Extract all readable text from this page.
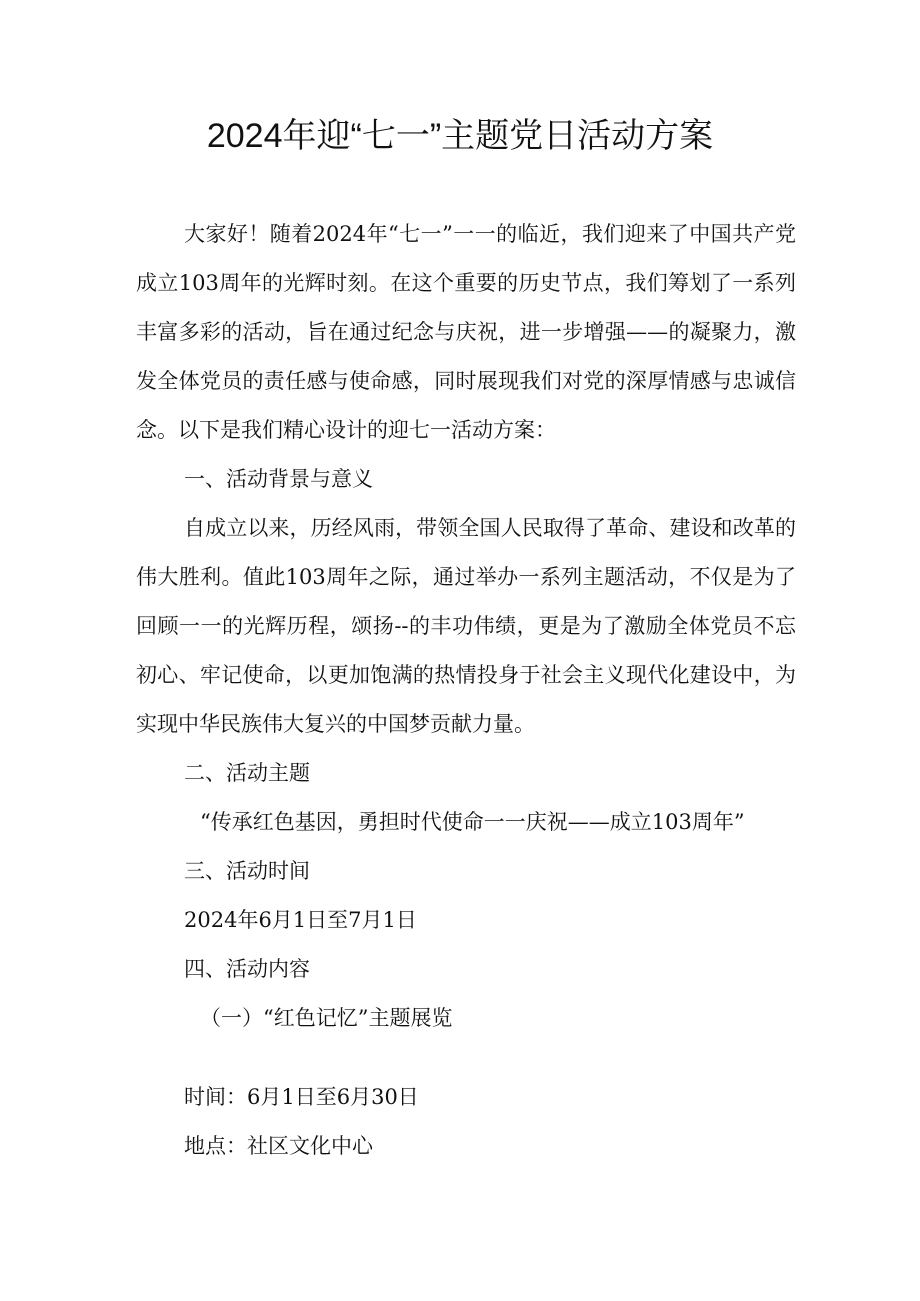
2024年迎“七一”主题党日活动方案

大家好！随着2024年“七一”一一的临近，我们迎来了中国共产党成立103周年的光辉时刻。在这个重要的历史节点，我们筹划了一系列丰富多彩的活动，旨在通过纪念与庆祝，进一步增强——的凝聚力，激发全体党员的责任感与使命感，同时展现我们对党的深厚情感与忠诚信念。以下是我们精心设计的迎七一活动方案：

一、活动背景与意义

自成立以来，历经风雨，带领全国人民取得了革命、建设和改革的伟大胜利。值此103周年之际，通过举办一系列主题活动，不仅是为了回顾一一的光辉历程，颂扬--的丰功伟绩，更是为了激励全体党员不忘初心、牢记使命，以更加饱满的热情投身于社会主义现代化建设中，为实现中华民族伟大复兴的中国梦贡献力量。

二、活动主题

“传承红色基因，勇担时代使命一一庆祝——成立103周年”

三、活动时间

2024年6月1日至7月1日

四、活动内容

（一）“红色记忆”主题展览

时间：6月1日至6月30日

地点：社区文化中心
